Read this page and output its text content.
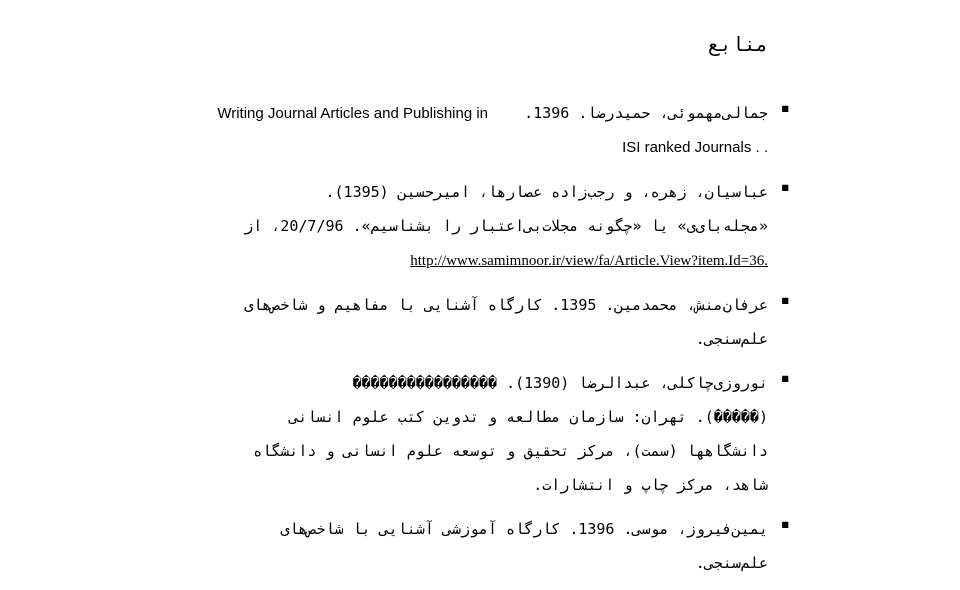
منابع
▪
جمالی‌مهموئی، حمیدرضا. 1396.    Writing Journal Articles and Publishing in
. . ISI ranked Journals
▪
عباسیان، زهره، و رجب‌زاده عصارها، امیرحسین (1395).
«مجله‌بای‌ی» یا «چگونه مجلات‌بی‌اعتبار را بشناسیم». 20/7/96، از
http://www.samimnoor.ir/view/fa/Article.View?item.Id=36.
▪
عرفان‌منش، محمدمین. 1395. کارگاه آشنایی با مفاهیم و شاخص‌های
علم‌سنجی.
▪
نوروزی‌چاکلی، عبدالرضا (1390). ����������������
(�����). تهران: سازمان مطالعه و تدوین کتب علوم انسانی
دانشگاهها (سمت)، مرکز تحقیق و توسعه علوم انسانی و دانشگاه
شاهد، مرکز چاپ و انتشارات.
▪
یمین‌فیروز، موسی. 1396. کارگاه آموزشی آشنایی با شاخص‌های
علم‌سنجی.
